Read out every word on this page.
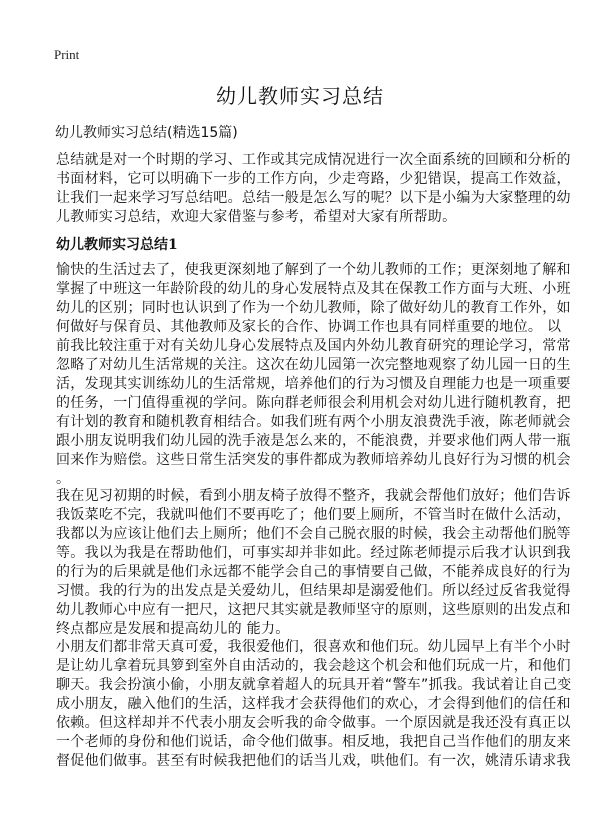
Print
幼儿教师实习总结
幼儿教师实习总结(精选15篇)
总结就是对一个时期的学习、工作或其完成情况进行一次全面系统的回顾和分析的
书面材料，它可以明确下一步的工作方向，少走弯路，少犯错误，提高工作效益，
让我们一起来学习写总结吧。总结一般是怎么写的呢？以下是小编为大家整理的幼
儿教师实习总结，欢迎大家借鉴与参考，希望对大家有所帮助。
幼儿教师实习总结1
愉快的生活过去了，使我更深刻地了解到了一个幼儿教师的工作；更深刻地了解和
掌握了中班这一年龄阶段的幼儿的身心发展特点及其在保教工作方面与大班、小班
幼儿的区别；同时也认识到了作为一个幼儿教师，除了做好幼儿的教育工作外，如
何做好与保育员、其他教师及家长的合作、协调工作也具有同样重要的地位。 以
前我比较注重于对有关幼儿身心发展特点及国内外幼儿教育研究的理论学习，常常
忽略了对幼儿生活常规的关注。这次在幼儿园第一次完整地观察了幼儿园一日的生
活，发现其实训练幼儿的生活常规，培养他们的行为习惯及自理能力也是一项重要
的任务，一门值得重视的学问。陈向群老师很会利用机会对幼儿进行随机教育，把
有计划的教育和随机教育相结合。如我们班有两个小朋友浪费洗手液，陈老师就会
跟小朋友说明我们幼儿园的洗手液是怎么来的，不能浪费，并要求他们两人带一瓶
回来作为赔偿。这些日常生活突发的事件都成为教师培养幼儿良好行为习惯的机会
。
我在见习初期的时候，看到小朋友椅子放得不整齐，我就会帮他们放好；他们告诉
我饭菜吃不完，我就叫他们不要再吃了；他们要上厕所，不管当时在做什么活动，
我都以为应该让他们去上厕所；他们不会自己脱衣服的时候，我会主动帮他们脱等
等。我以为我是在帮助他们，可事实却并非如此。经过陈老师提示后我才认识到我
的行为的后果就是他们永远都不能学会自己的事情要自己做，不能养成良好的行为
习惯。我的行为的出发点是关爱幼儿，但结果却是溺爱他们。所以经过反省我觉得
幼儿教师心中应有一把尺，这把尺其实就是教师坚守的原则，这些原则的出发点和
终点都应是发展和提高幼儿的 能力。
小朋友们都非常天真可爱，我很爱他们，很喜欢和他们玩。幼儿园早上有半个小时
是让幼儿拿着玩具箩到室外自由活动的，我会趁这个机会和他们玩成一片，和他们
聊天。我会扮演小偷，小朋友就拿着超人的玩具开着“警车”抓我。我试着让自己变
成小朋友，融入他们的生活，这样我才会获得他们的欢心，才会得到他们的信任和
依赖。但这样却并不代表小朋友会听我的命令做事。一个原因就是我还没有真正以
一个老师的身份和他们说话，命令他们做事。相反地，我把自己当作他们的朋友来
督促他们做事。甚至有时候我把他们的话当儿戏，哄他们。有一次，姚清乐请求我
